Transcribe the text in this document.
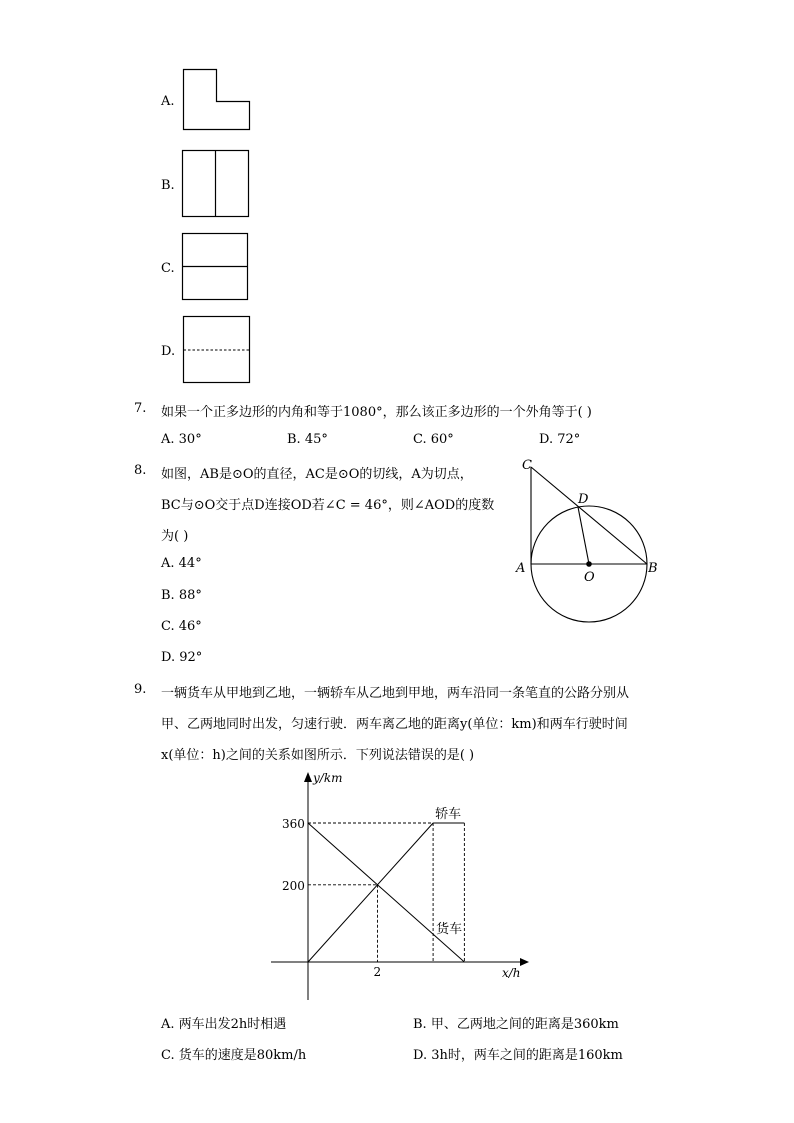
A.
B.
C.
D.
7. 如果一个正多边形的内角和等于1080°，那么该正多边形的一个外角等于( )
A. 30°	B. 45°	C. 60°	D. 72°
8. 如图，AB是⊙O的直径，AC是⊙O的切线，A为切点，
BC与⊙O交于点D连接OD若∠C = 46°，则∠AOD的度数
为( )
A. 44°
B. 88°
C. 46°
D. 92°
C
D
A
O
B
9. 一辆货车从甲地到乙地，一辆轿车从乙地到甲地，两车沿同一条笔直的公路分别从
甲、乙两地同时出发，匀速行驶．两车离乙地的距离y(单位：km)和两车行驶时间
x(单位：h)之间的关系如图所示．下列说法错误的是( )
y/km
x/h
360
200
2
轿车
货车
A. 两车出发2h时相遇	B. 甲、乙两地之间的距离是360km
C. 货车的速度是80km/h	D. 3h时，两车之间的距离是160km
